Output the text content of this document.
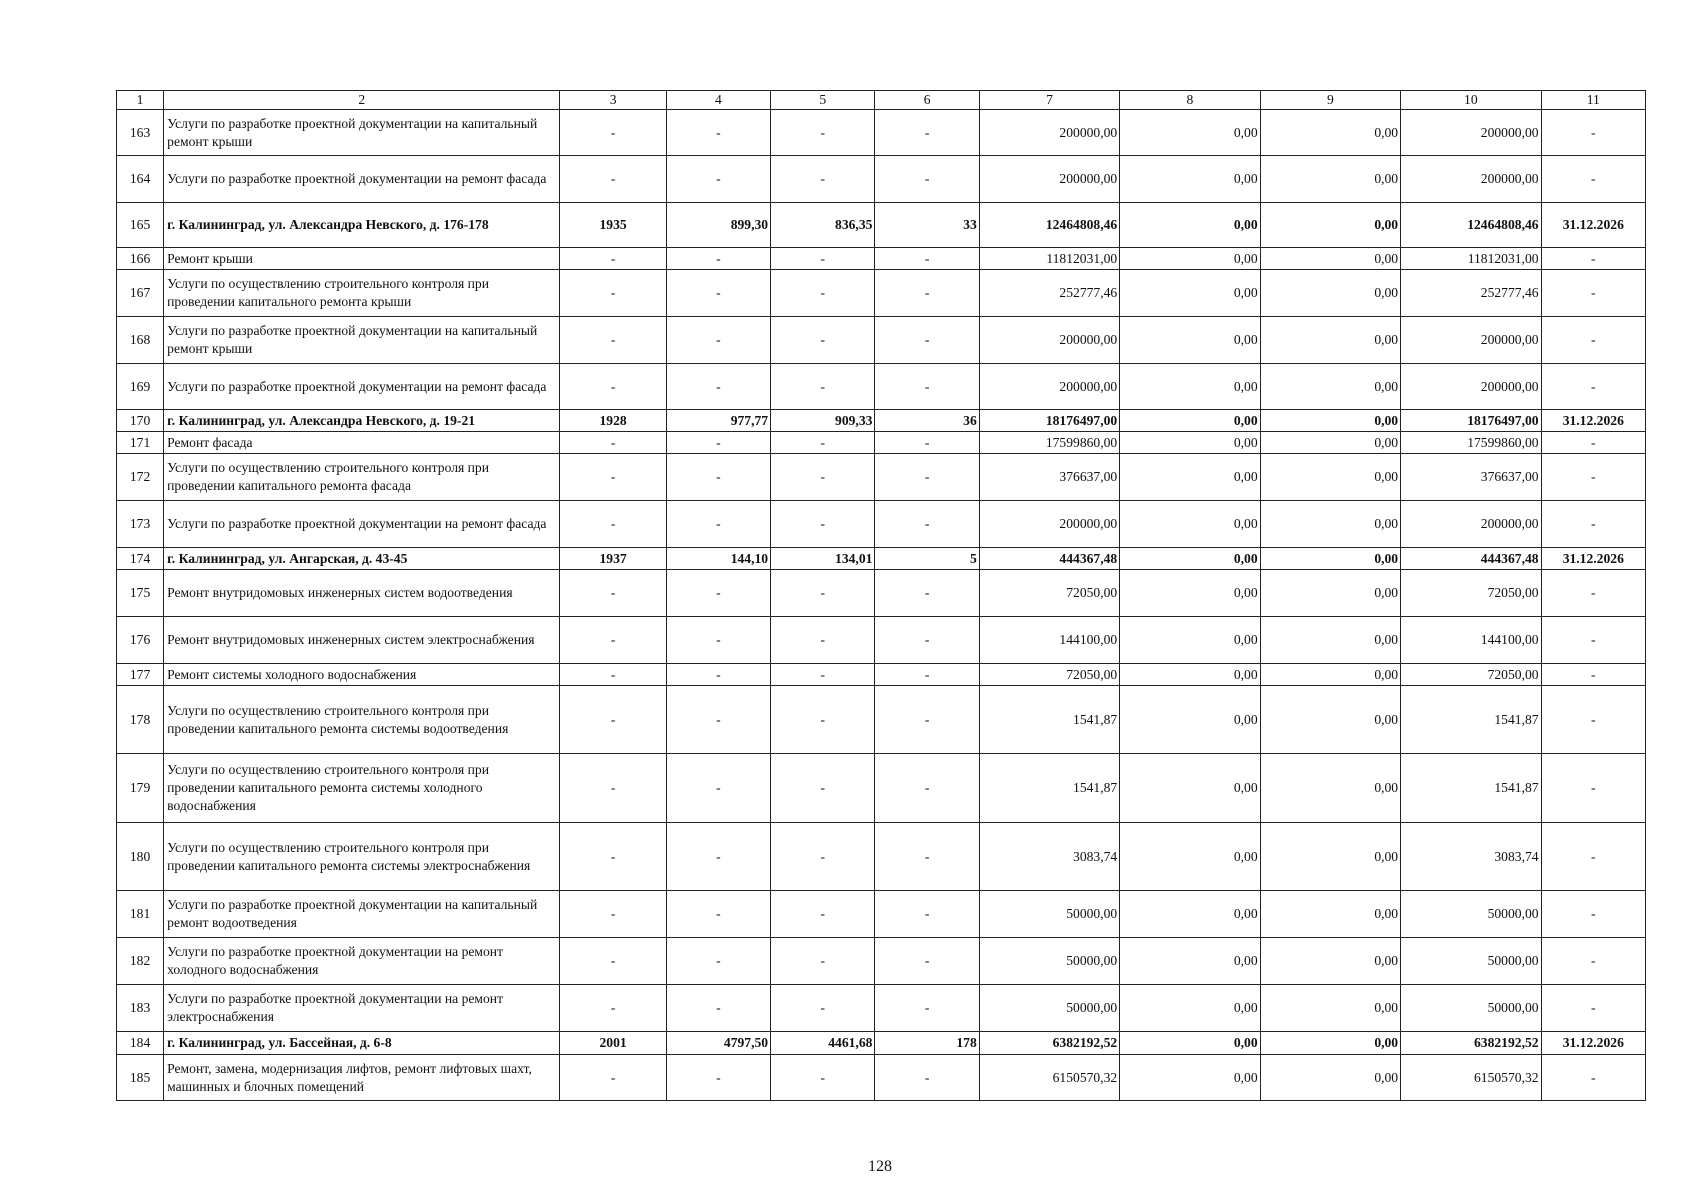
1	2	3	4	5	6	7	8	9	10	11
163	Услуги по разработке проектной документации на капитальный ремонт крыши	-	-	-	-	200000,00	0,00	0,00	200000,00	-
164	Услуги по разработке проектной документации на ремонт фасада	-	-	-	-	200000,00	0,00	0,00	200000,00	-
165	г. Калининград, ул. Александра Невского, д. 176-178	1935	899,30	836,35	33	12464808,46	0,00	0,00	12464808,46	31.12.2026
166	Ремонт крыши	-	-	-	-	11812031,00	0,00	0,00	11812031,00	-
167	Услуги по осуществлению строительного контроля при проведении капитального ремонта крыши	-	-	-	-	252777,46	0,00	0,00	252777,46	-
168	Услуги по разработке проектной документации на капитальный ремонт крыши	-	-	-	-	200000,00	0,00	0,00	200000,00	-
169	Услуги по разработке проектной документации на ремонт фасада	-	-	-	-	200000,00	0,00	0,00	200000,00	-
170	г. Калининград, ул. Александра Невского, д. 19-21	1928	977,77	909,33	36	18176497,00	0,00	0,00	18176497,00	31.12.2026
171	Ремонт фасада	-	-	-	-	17599860,00	0,00	0,00	17599860,00	-
172	Услуги по осуществлению строительного контроля при проведении капитального ремонта фасада	-	-	-	-	376637,00	0,00	0,00	376637,00	-
173	Услуги по разработке проектной документации на ремонт фасада	-	-	-	-	200000,00	0,00	0,00	200000,00	-
174	г. Калининград, ул. Ангарская, д. 43-45	1937	144,10	134,01	5	444367,48	0,00	0,00	444367,48	31.12.2026
175	Ремонт внутридомовых инженерных систем водоотведения	-	-	-	-	72050,00	0,00	0,00	72050,00	-
176	Ремонт внутридомовых инженерных систем электроснабжения	-	-	-	-	144100,00	0,00	0,00	144100,00	-
177	Ремонт системы холодного водоснабжения	-	-	-	-	72050,00	0,00	0,00	72050,00	-
178	Услуги по осуществлению строительного контроля при проведении капитального ремонта системы водоотведения	-	-	-	-	1541,87	0,00	0,00	1541,87	-
179	Услуги по осуществлению строительного контроля при проведении капитального ремонта системы холодного водоснабжения	-	-	-	-	1541,87	0,00	0,00	1541,87	-
180	Услуги по осуществлению строительного контроля при проведении капитального ремонта системы электроснабжения	-	-	-	-	3083,74	0,00	0,00	3083,74	-
181	Услуги по разработке проектной документации на капитальный ремонт водоотведения	-	-	-	-	50000,00	0,00	0,00	50000,00	-
182	Услуги по разработке проектной документации на ремонт холодного водоснабжения	-	-	-	-	50000,00	0,00	0,00	50000,00	-
183	Услуги по разработке проектной документации на ремонт электроснабжения	-	-	-	-	50000,00	0,00	0,00	50000,00	-
184	г. Калининград, ул. Бассейная, д. 6-8	2001	4797,50	4461,68	178	6382192,52	0,00	0,00	6382192,52	31.12.2026
185	Ремонт, замена, модернизация лифтов, ремонт лифтовых шахт, машинных и блочных помещений	-	-	-	-	6150570,32	0,00	0,00	6150570,32	-
128
